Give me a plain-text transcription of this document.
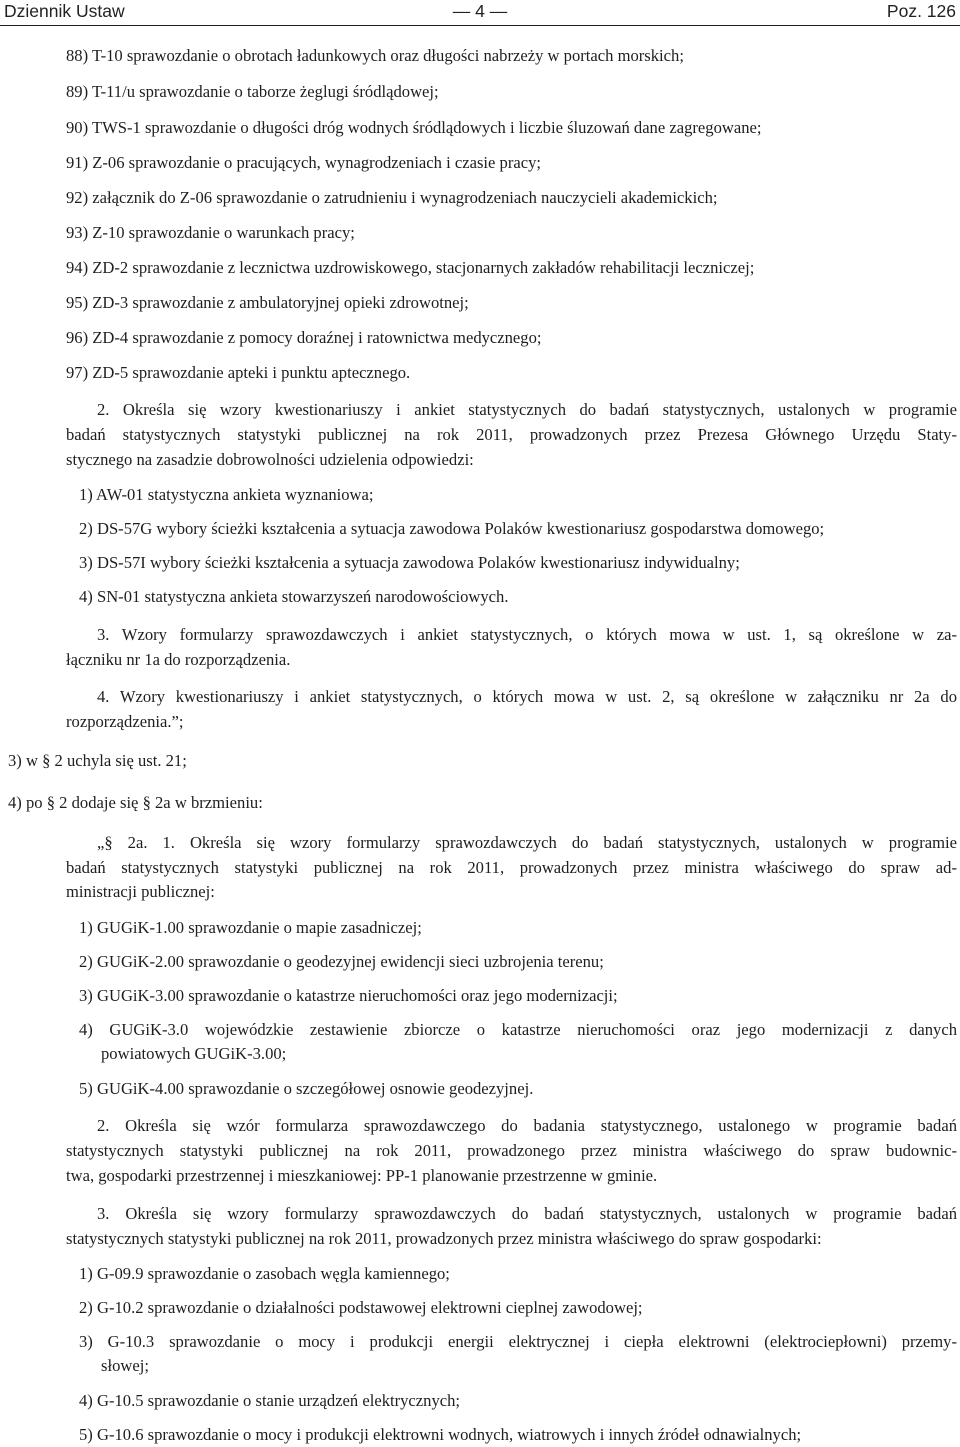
Dziennik Ustaw	— 4 —	Poz. 126
88) T-10 sprawozdanie o obrotach ładunkowych oraz długości nabrzeży w portach morskich;
89) T-11/u sprawozdanie o taborze żeglugi śródlądowej;
90) TWS-1 sprawozdanie o długości dróg wodnych śródlądowych i liczbie śluzowań dane zagregowane;
91) Z-06 sprawozdanie o pracujących, wynagrodzeniach i czasie pracy;
92) załącznik do Z-06 sprawozdanie o zatrudnieniu i wynagrodzeniach nauczycieli akademickich;
93) Z-10 sprawozdanie o warunkach pracy;
94) ZD-2 sprawozdanie z lecznictwa uzdrowiskowego, stacjonarnych zakładów rehabilitacji leczniczej;
95) ZD-3 sprawozdanie z ambulatoryjnej opieki zdrowotnej;
96) ZD-4 sprawozdanie z pomocy doraźnej i ratownictwa medycznego;
97) ZD-5 sprawozdanie apteki i punktu aptecznego.
2. Określa się wzory kwestionariuszy i ankiet statystycznych do badań statystycznych, ustalonych w programie
badań statystycznych statystyki publicznej na rok 2011, prowadzonych przez Prezesa Głównego Urzędu Staty-
stycznego na zasadzie dobrowolności udzielenia odpowiedzi:
1) AW-01 statystyczna ankieta wyznaniowa;
2) DS-57G wybory ścieżki kształcenia a sytuacja zawodowa Polaków kwestionariusz gospodarstwa domowego;
3) DS-57I wybory ścieżki kształcenia a sytuacja zawodowa Polaków kwestionariusz indywidualny;
4) SN-01 statystyczna ankieta stowarzyszeń narodowościowych.
3. Wzory formularzy sprawozdawczych i ankiet statystycznych, o których mowa w ust. 1, są określone w za-
łączniku nr 1a do rozporządzenia.
4. Wzory kwestionariuszy i ankiet statystycznych, o których mowa w ust. 2, są określone w załączniku nr 2a do
rozporządzenia.”;
3) w § 2 uchyla się ust. 21;
4) po § 2 dodaje się § 2a w brzmieniu:
„§ 2a. 1. Określa się wzory formularzy sprawozdawczych do badań statystycznych, ustalonych w programie
badań statystycznych statystyki publicznej na rok 2011, prowadzonych przez ministra właściwego do spraw ad-
ministracji publicznej:
1) GUGiK-1.00 sprawozdanie o mapie zasadniczej;
2) GUGiK-2.00 sprawozdanie o geodezyjnej ewidencji sieci uzbrojenia terenu;
3) GUGiK-3.00 sprawozdanie o katastrze nieruchomości oraz jego modernizacji;
4) GUGiK-3.0 wojewódzkie zestawienie zbiorcze o katastrze nieruchomości oraz jego modernizacji z danych
powiatowych GUGiK-3.00;
5) GUGiK-4.00 sprawozdanie o szczegółowej osnowie geodezyjnej.
2. Określa się wzór formularza sprawozdawczego do badania statystycznego, ustalonego w programie badań
statystycznych statystyki publicznej na rok 2011, prowadzonego przez ministra właściwego do spraw budownic-
twa, gospodarki przestrzennej i mieszkaniowej: PP-1 planowanie przestrzenne w gminie.
3. Określa się wzory formularzy sprawozdawczych do badań statystycznych, ustalonych w programie badań
statystycznych statystyki publicznej na rok 2011, prowadzonych przez ministra właściwego do spraw gospodarki:
1) G-09.9 sprawozdanie o zasobach węgla kamiennego;
2) G-10.2 sprawozdanie o działalności podstawowej elektrowni cieplnej zawodowej;
3) G-10.3 sprawozdanie o mocy i produkcji energii elektrycznej i ciepła elektrowni (elektrociepłowni) przemy-
słowej;
4) G-10.5 sprawozdanie o stanie urządzeń elektrycznych;
5) G-10.6 sprawozdanie o mocy i produkcji elektrowni wodnych, wiatrowych i innych źródeł odnawialnych;
